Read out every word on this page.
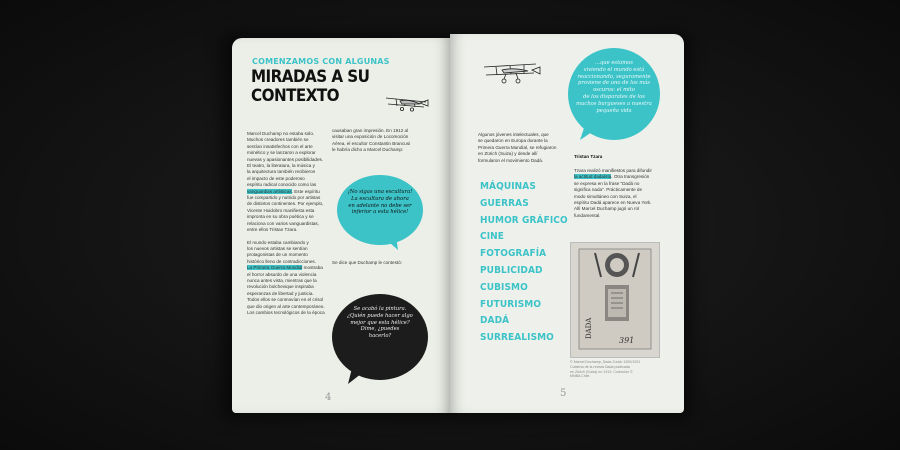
COMENZAMOS CON ALGUNAS
MIRADAS A SU CONTEXTO
Marcel Duchamp no estaba solo.
Muchos creadores también se
sentían insatisfechos con el arte
mimético y se lanzaron a explorar
nuevas y apasionantes posibilidades.
El teatro, la literatura, la música y
la arquitectura también recibieron
el impacto de este poderoso
espíritu radical conocido como las
vanguardias artísticas. Este espíritu
fue compartido y nutrido por artistas
de distintos continentes. Por ejemplo,
Vicente Huidobro manifiesta esta
impronta en su obra poética y se
relaciona con varios vanguardistas,
entre ellos Tristan Tzara.
El mundo estaba cambiando y
los nuevos artistas se sentían
protagonistas de un momento
histórico lleno de contradicciones.
La Primera Guerra Mundial mostraba
el horror absurdo de una violencia
nunca antes vista, mientras que la
revolución bolchevique inspiraba
esperanzas de libertad y justicia.
Todos ellos se conmovían en el crisol
que dio origen al arte contemporáneo.
Los cambios tecnológicos de la época
causaban gran impresión. En 1912 al
visitar una exposición de Locomoción
Aérea, el escultor Constantin Brancusi
le habría dicho a Marcel Duchamp:
¡No sigas una escultura!
La escultura de ahora
en adelante no debe ser
inferior a esta hélice!
Se dice que Duchamp le contestó:
Se acabó la pintura.
¿Quién puede hacer algo
mejor que esta hélice?
Dime, ¿puedes
hacerlo?
4
...que estamos
viviendo el mundo está
reaccionando, seguramente
proviene de uno de los más
oscuros: el mito
de los disparates de los
muchos burgueses a nuestra
pequeña vida
Algunos jóvenes intelectuales, que
se quedaron en Europa durante la
Primera Guerra Mundial, se refugiaron
en Zürich (Suiza) y desde allí
formularon el movimiento Dadá.
Tristan Tzara
Tzara realizó manifiestos para difundir
la actitud dadaísta. Otra transgresión
se expresa en la frase "Dadá no
significa nada". Prácticamente de
modo simultáneo con Suiza, el
espíritu Dadá aparece en Nueva York.
Allí Marcel Duchamp jugó un rol
fundamental.
MÁQUINAS
GUERRAS
HUMOR GRÁFICO
CINE
FOTOGRAFÍA
PUBLICIDAD
CUBISMO
FUTURISMO
DADÁ
SURREALISMO	DADA
391
© Marcel Duchamp, Dada Zurich 1920/1921
Cubierta de la revista Dadá publicada
en Zürich (Suiza) en 1919. Colección ©
MNBA Chile.
5
